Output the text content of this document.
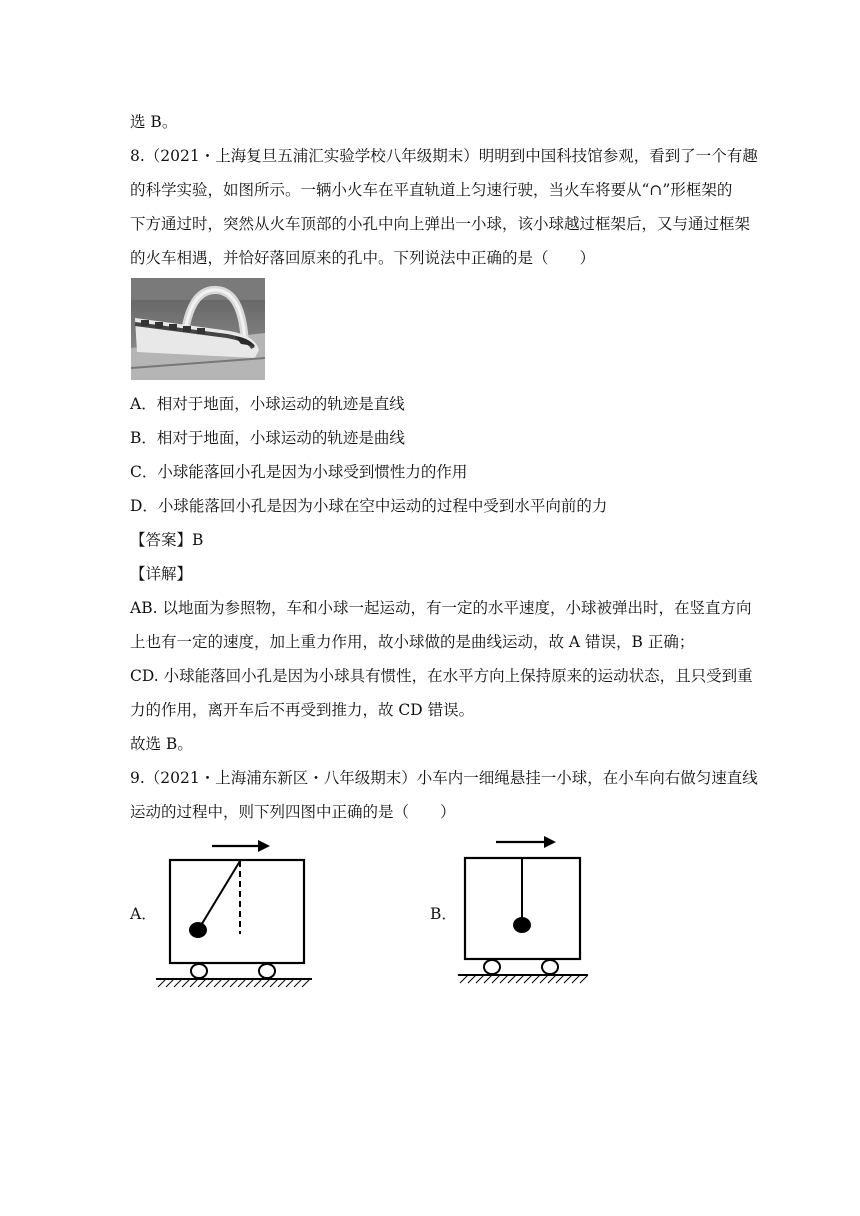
选 B。
8.（2021・上海复旦五浦汇实验学校八年级期末）明明到中国科技馆参观，看到了一个有趣
的科学实验，如图所示。一辆小火车在平直轨道上匀速行驶，当火车将要从“∩”形框架的
下方通过时，突然从火车顶部的小孔中向上弹出一小球，该小球越过框架后，又与通过框架
的火车相遇，并恰好落回原来的孔中。下列说法中正确的是（　　）
A．相对于地面，小球运动的轨迹是直线
B．相对于地面，小球运动的轨迹是曲线
C．小球能落回小孔是因为小球受到惯性力的作用
D．小球能落回小孔是因为小球在空中运动的过程中受到水平向前的力
【答案】B
【详解】
AB. 以地面为参照物，车和小球一起运动，有一定的水平速度，小球被弹出时，在竖直方向
上也有一定的速度，加上重力作用，故小球做的是曲线运动，故 A 错误，B 正确；
CD. 小球能落回小孔是因为小球具有惯性，在水平方向上保持原来的运动状态，且只受到重
力的作用，离开车后不再受到推力，故 CD 错误。
故选 B。
9.（2021・上海浦东新区・八年级期末）小车内一细绳悬挂一小球，在小车向右做匀速直线
运动的过程中，则下列四图中正确的是（　　）
A．	B．
